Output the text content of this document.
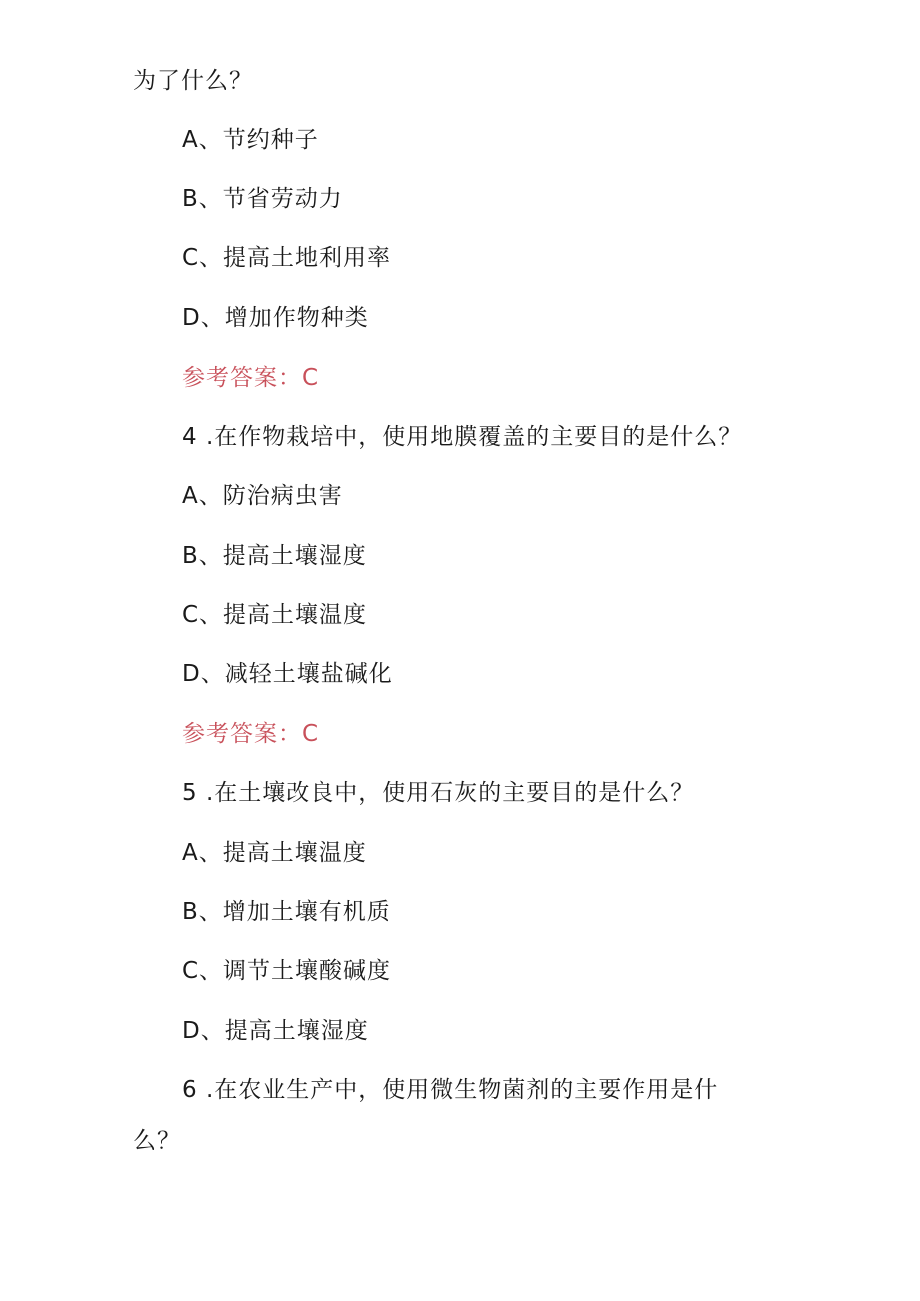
为了什么？
A、节约种子
B、节省劳动力
C、提高土地利用率
D、增加作物种类
参考答案：C
4 .在作物栽培中，使用地膜覆盖的主要目的是什么？
A、防治病虫害
B、提高土壤湿度
C、提高土壤温度
D、减轻土壤盐碱化
参考答案：C
5 .在土壤改良中，使用石灰的主要目的是什么？
A、提高土壤温度
B、增加土壤有机质
C、调节土壤酸碱度
D、提高土壤湿度
6 .在农业生产中，使用微生物菌剂的主要作用是什
么？
